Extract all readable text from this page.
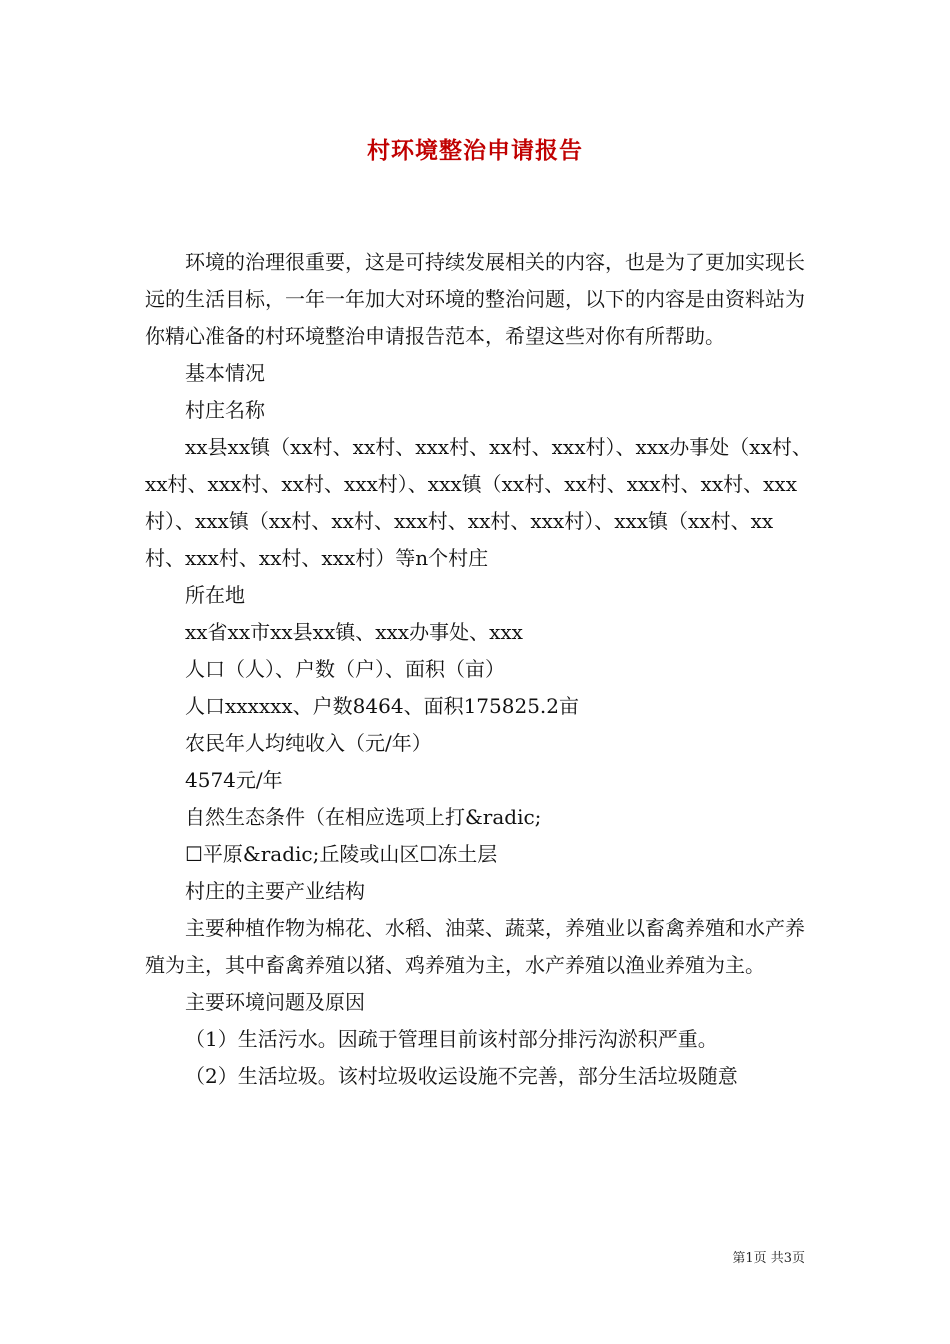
村环境整治申请报告

环境的治理很重要，这是可持续发展相关的内容，也是为了更加实现长远的生活目标，一年一年加大对环境的整治问题，以下的内容是由资料站为你精心准备的村环境整治申请报告范本，希望这些对你有所帮助。

基本情况

村庄名称

xx县xx镇（xx村、xx村、xxx村、xx村、xxx村）、xxx办事处（xx村、xx村、xxx村、xx村、xxx村）、xxx镇（xx村、xx村、xxx村、xx村、xxx村）、xxx镇（xx村、xx村、xxx村、xx村、xxx村）、xxx镇（xx村、xx村、xxx村、xx村、xxx村）等n个村庄

所在地

xx省xx市xx县xx镇、xxx办事处、xxx

人口（人）、户数（户）、面积（亩）

人口xxxxxx、户数8464、面积175825.2亩

农民年人均纯收入（元/年）

4574元/年

自然生态条件（在相应选项上打&radic;

☐平原&radic;丘陵或山区☐冻土层

村庄的主要产业结构

主要种植作物为棉花、水稻、油菜、蔬菜，养殖业以畜禽养殖和水产养殖为主，其中畜禽养殖以猪、鸡养殖为主，水产养殖以渔业养殖为主。

主要环境问题及原因

（1）生活污水。因疏于管理目前该村部分排污沟淤积严重。

（2）生活垃圾。该村垃圾收运设施不完善，部分生活垃圾随意

第1页 共3页
